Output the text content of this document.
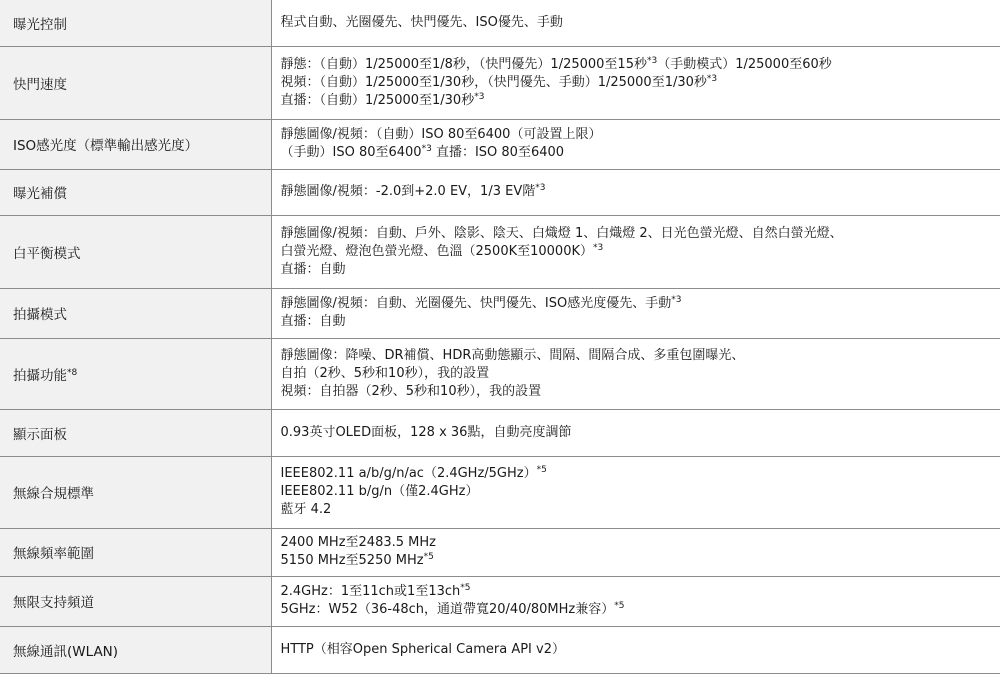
曝光控制	程式自動、光圈優先、快門優先、ISO優先、手動

快門速度	靜態：（自動）1/25000至1/8秒，（快門優先）1/25000至15秒$^{*3}$（手動模式）1/25000至60秒
視頻：（自動）1/25000至1/30秒，（快門優先、手動）1/25000至1/30秒$^{*3}$
直播：（自動）1/25000至1/30秒$^{*3}$

ISO感光度（標準輸出感光度）	靜態圖像/視頻：（自動）ISO 80至6400（可設置上限）
（手動）ISO 80至6400$^{*3}$ 直播：ISO 80至6400

曝光補償	靜態圖像/視頻：-2.0到+2.0 EV，1/3 EV階$^{*3}$

白平衡模式	靜態圖像/視頻：自動、戶外、陰影、陰天、白熾燈 1、白熾燈 2、日光色螢光燈、自然白螢光燈、
白螢光燈、燈泡色螢光燈、色溫（2500K至10000K）$^{*3}$
直播：自動

拍攝模式	靜態圖像/視頻：自動、光圈優先、快門優先、ISO感光度優先、手動$^{*3}$
直播：自動

拍攝功能$^{*8}$	靜態圖像：降噪、DR補償、HDR高動態顯示、間隔、間隔合成、多重包圍曝光、
自拍（2秒、5秒和10秒），我的設置
視頻：自拍器（2秒、5秒和10秒），我的設置

顯示面板	0.93英寸OLED面板，128 x 36點，自動亮度調節

無線合規標準	IEEE802.11 $a/b/g/n/ac(2.4GHz/5GHz)^{*5}$
IEEE802.11 b/g/n（僅2.4GHz）
藍牙 4.2

無線頻率範圍	2400 MHz至2483.5 MHz
5150 MHz至5250 MHz$^{*5}$

無限支持頻道	2.4GHz：1至11ch或1至$13ch^{*5}$
5GHz：W52（36-48ch，通道帶寬20/40/80MHz兼容）$^{*5}$

無線通訊(WLAN)	HTTP（相容Open Spherical Camera API v2）
